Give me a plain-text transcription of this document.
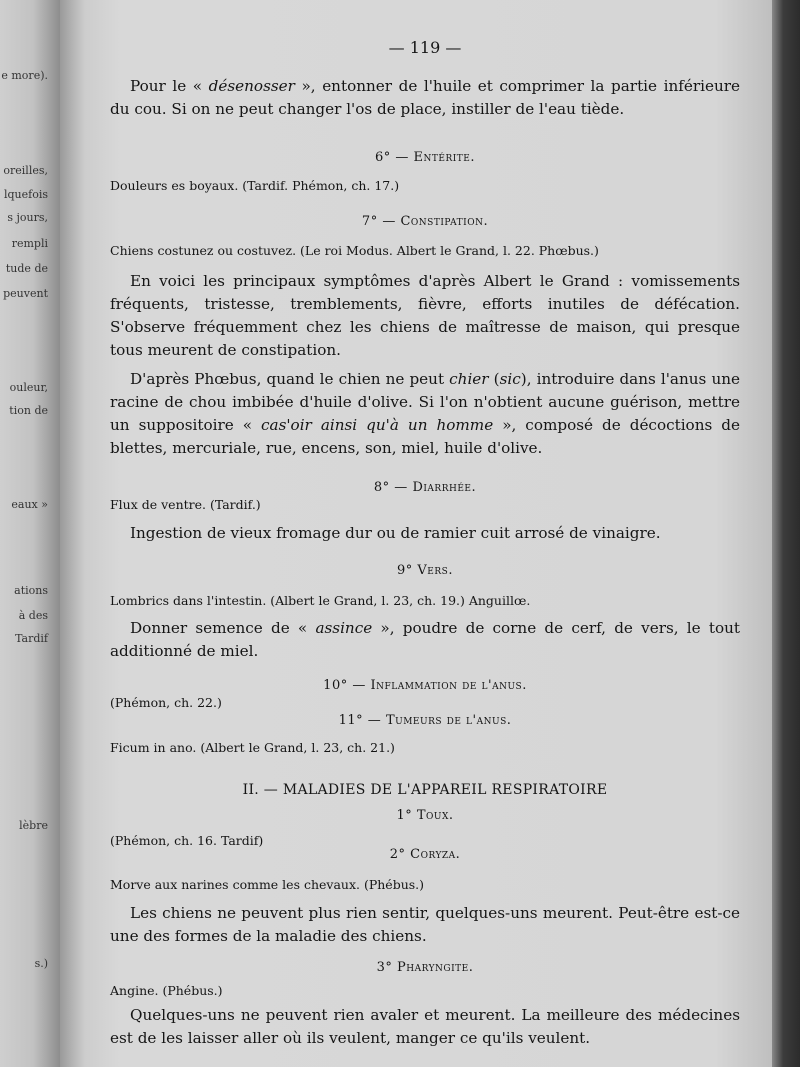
e more).
oreilles,
lquefois
s jours,
rempli
tude de
peuvent
ouleur,
tion de
eaux »
ations
à des
Tardif
lèbre
s.)
— 119 —
Pour le « désenosser », entonner de l'huile et comprimer la partie inférieure du cou. Si on ne peut changer l'os de place, instiller de l'eau tiède.
6° — Entérite.
Douleurs es boyaux. (Tardif. Phémon, ch. 17.)
7° — Constipation.
Chiens costunez ou costuvez. (Le roi Modus. Albert le Grand, l. 22. Phœbus.)
En voici les principaux symptômes d'après Albert le Grand : vomissements fréquents, tristesse, tremblements, fièvre, efforts inutiles de défécation. S'observe fréquemment chez les chiens de maîtresse de maison, qui presque tous meurent de constipation.
D'après Phœbus, quand le chien ne peut chier (sic), introduire dans l'anus une racine de chou imbibée d'huile d'olive. Si l'on n'obtient aucune guérison, mettre un suppositoire « cas'oir ainsi qu'à un homme », composé de décoctions de blettes, mercuriale, rue, encens, son, miel, huile d'olive.
8° — Diarrhée.
Flux de ventre. (Tardif.)
Ingestion de vieux fromage dur ou de ramier cuit arrosé de vinaigre.
9° Vers.
Lombrics dans l'intestin. (Albert le Grand, l. 23, ch. 19.) Anguillœ.
Donner semence de « assince », poudre de corne de cerf, de vers, le tout additionné de miel.
10° — Inflammation de l'anus.
(Phémon, ch. 22.)
11° — Tumeurs de l'anus.
Ficum in ano. (Albert le Grand, l. 23, ch. 21.)
II. — MALADIES DE L'APPAREIL RESPIRATOIRE
1° Toux.
(Phémon, ch. 16. Tardif)
2° Coryza.
Morve aux narines comme les chevaux. (Phébus.)
Les chiens ne peuvent plus rien sentir, quelques-uns meurent. Peut-être est-ce une des formes de la maladie des chiens.
3° Pharyngite.
Angine. (Phébus.)
Quelques-uns ne peuvent rien avaler et meurent. La meilleure des médecines est de les laisser aller où ils veulent, manger ce qu'ils veulent.
